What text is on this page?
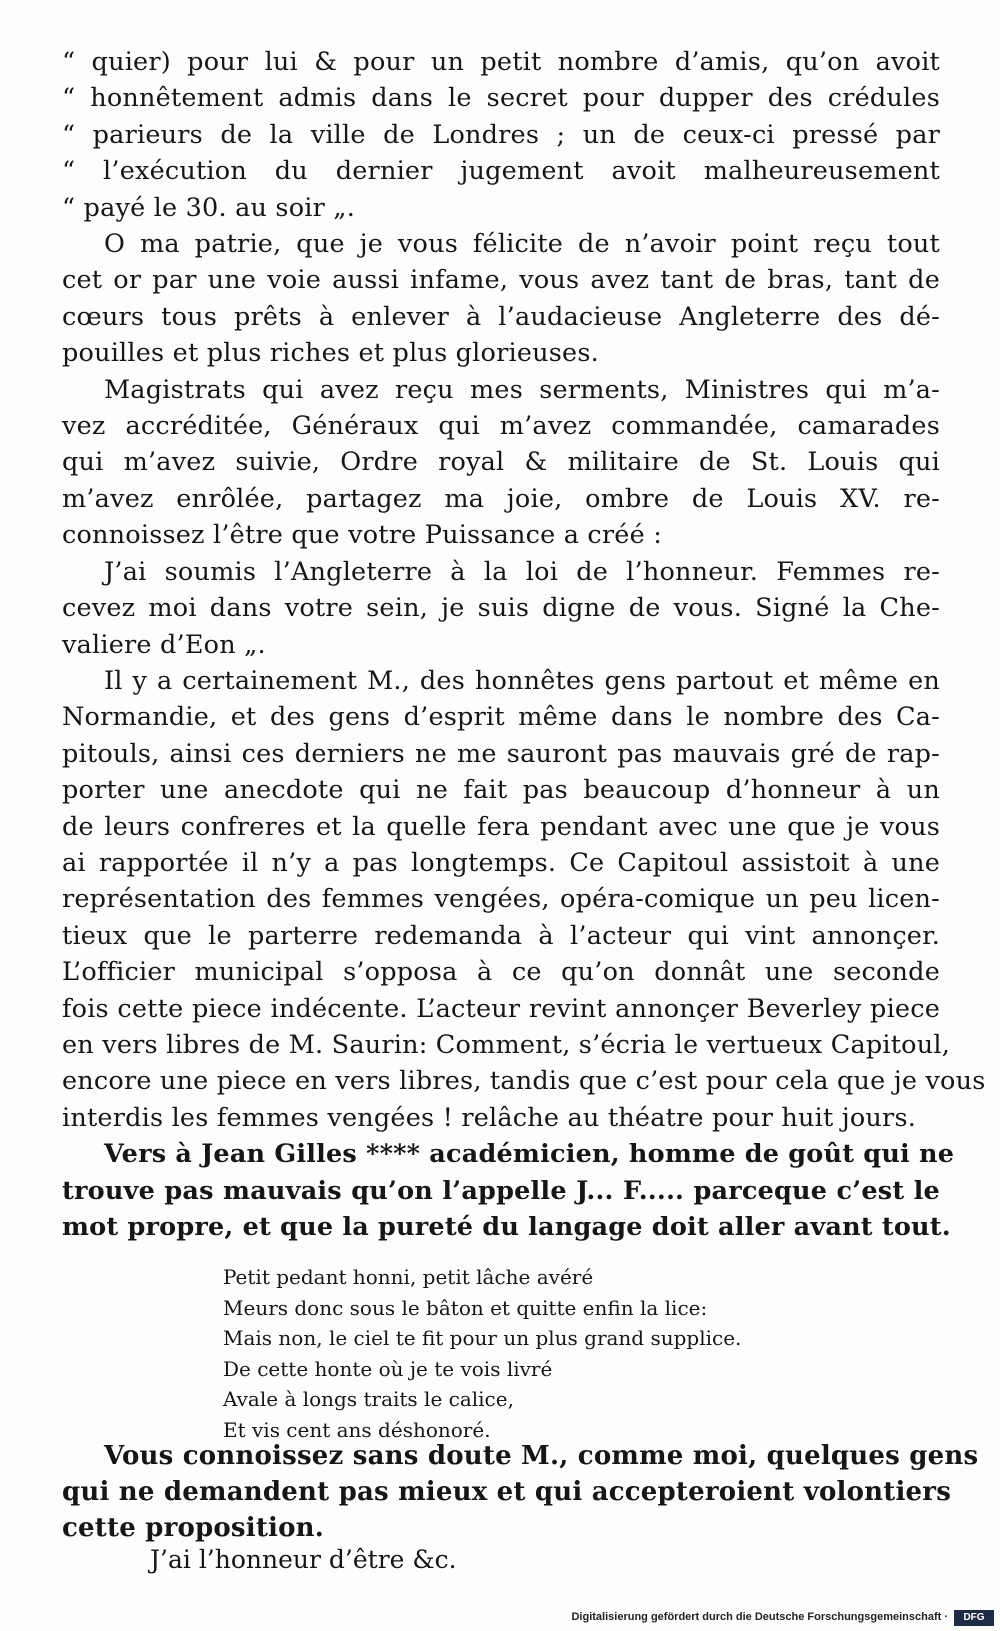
“ quier) pour lui & pour un petit nombre d’amis, qu’on avoit
“ honnêtement admis dans le secret pour dupper des crédules
“ parieurs de la ville de Londres ; un de ceux-ci pressé par
“ l’exécution du dernier jugement avoit malheureusement
“ payé le 30. au soir „.
O ma patrie, que je vous félicite de n’avoir point reçu tout
cet or par une voie aussi infame, vous avez tant de bras, tant de
cœurs tous prêts à enlever à l’audacieuse Angleterre des dé-
pouilles et plus riches et plus glorieuses.
Magistrats qui avez reçu mes serments, Ministres qui m’a-
vez accréditée, Généraux qui m’avez commandée, camarades
qui m’avez suivie, Ordre royal & militaire de St. Louis qui
m’avez enrôlée, partagez ma joie, ombre de Louis XV. re-
connoissez l’être que votre Puissance a créé :
J’ai soumis l’Angleterre à la loi de l’honneur. Femmes re-
cevez moi dans votre sein, je suis digne de vous. Signé la Che-
valiere d’Eon „.
Il y a certainement M., des honnêtes gens partout et même en
Normandie, et des gens d’esprit même dans le nombre des Ca-
pitouls, ainsi ces derniers ne me sauront pas mauvais gré de rap-
porter une anecdote qui ne fait pas beaucoup d’honneur à un
de leurs confreres et la quelle fera pendant avec une que je vous
ai rapportée il n’y a pas longtemps. Ce Capitoul assistoit à une
représentation des femmes vengées, opéra-comique un peu licen-
tieux que le parterre redemanda à l’acteur qui vint annonçer.
L’officier municipal s’opposa à ce qu’on donnât une seconde
fois cette piece indécente. L’acteur revint annonçer Beverley piece
en vers libres de M. Saurin: Comment, s’écria le vertueux Capitoul,
encore une piece en vers libres, tandis que c’est pour cela que je vous
interdis les femmes vengées ! relâche au théatre pour huit jours.
Vers à Jean Gilles **** académicien, homme de goût qui ne
trouve pas mauvais qu’on l’appelle J... F..... parceque c’est le
mot propre, et que la pureté du langage doit aller avant tout.
Petit pedant honni, petit lâche avéré
Meurs donc sous le bâton et quitte enfin la lice:
Mais non, le ciel te fit pour un plus grand supplice.
De cette honte où je te vois livré
Avale à longs traits le calice,
Et vis cent ans déshonoré.
Vous connoissez sans doute M., comme moi, quelques gens
qui ne demandent pas mieux et qui accepteroient volontiers
cette proposition.
J’ai l’honneur d’être &c.
Digitalisierung gefördert durch die Deutsche Forschungsgemeinschaft ·	DFG
